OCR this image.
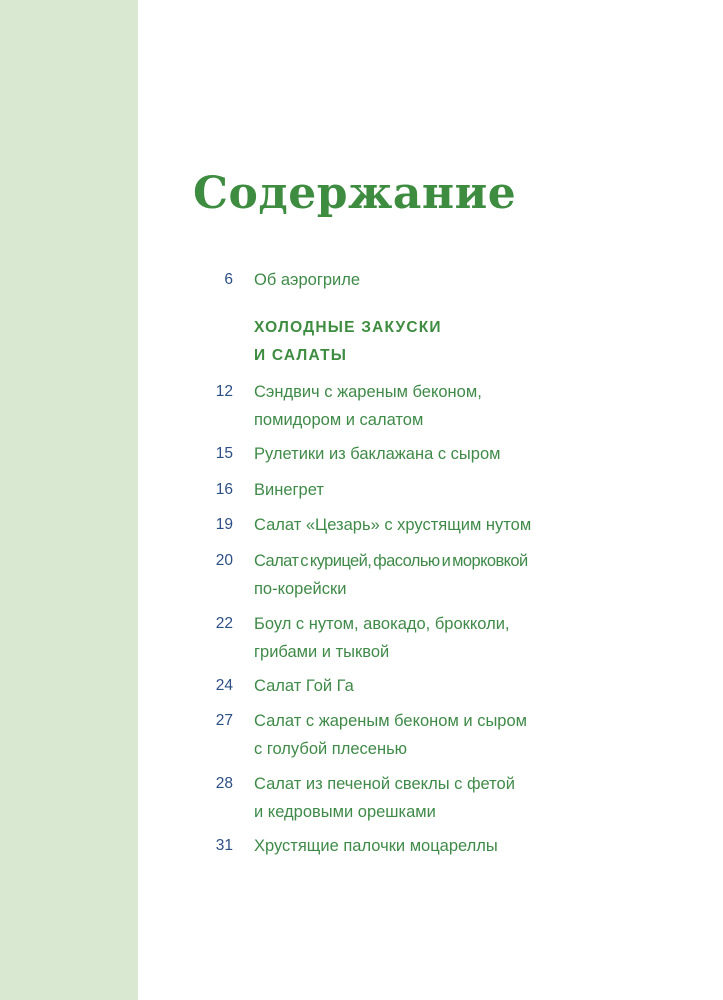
Содержание
6 Об аэрогриле
ХОЛОДНЫЕ ЗАКУСКИ
И САЛАТЫ
12 Сэндвич с жареным беконом,
помидором и салатом
15 Рулетики из баклажана с сыром
16 Винегрет
19 Салат «Цезарь» с хрустящим нутом
20 Салат с курицей, фасолью и морковкой
по-корейски
22 Боул с нутом, авокадо, брокколи,
грибами и тыквой
24 Салат Гой Га
27 Салат с жареным беконом и сыром
с голубой плесенью
28 Салат из печеной свеклы с фетой
и кедровыми орешками
31 Хрустящие палочки моцареллы
